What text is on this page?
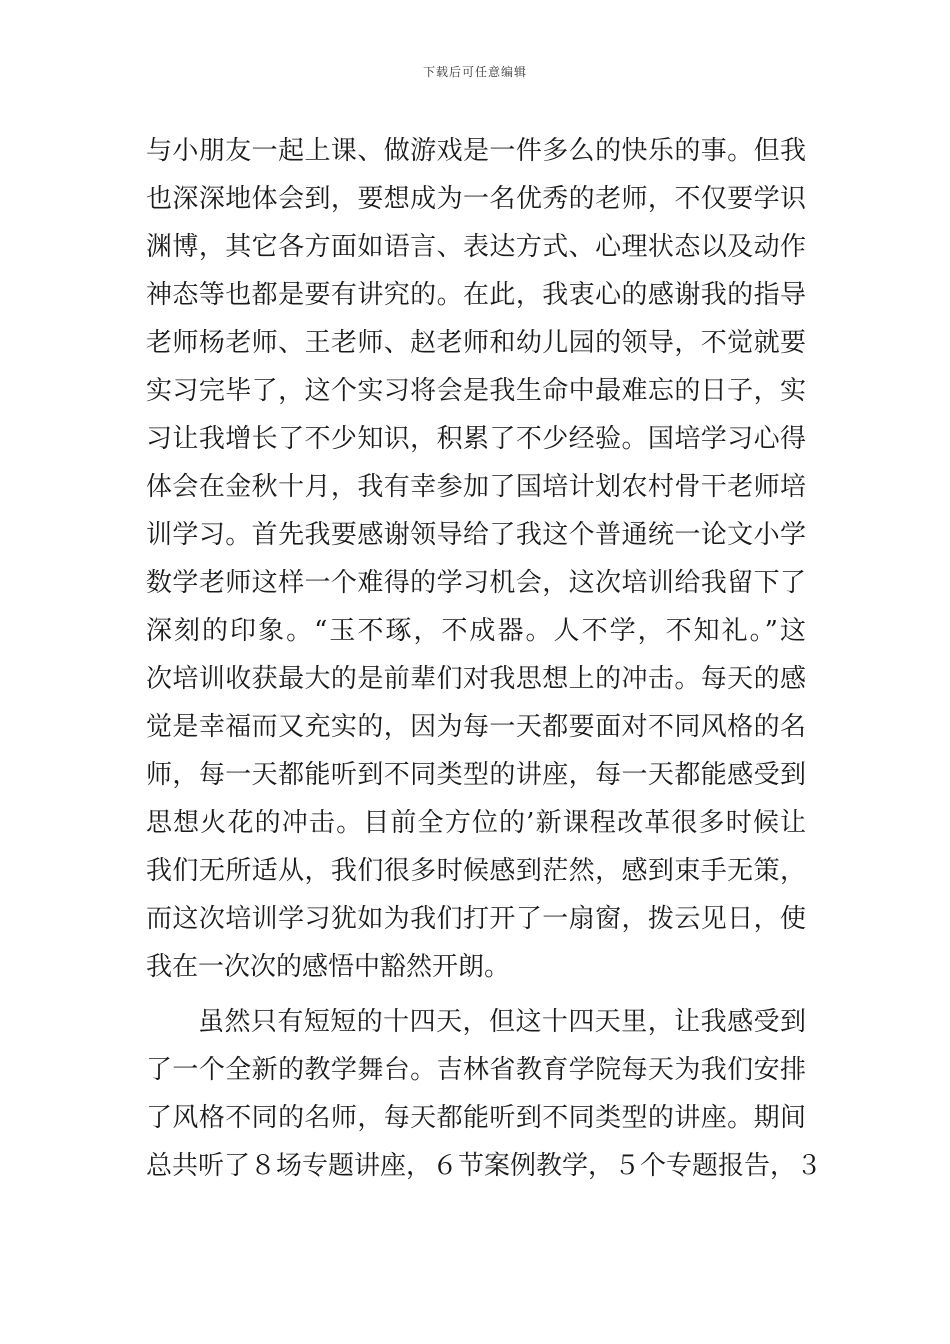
下载后可任意编辑
与小朋友一起上课、做游戏是一件多么的快乐的事。但我
也深深地体会到，要想成为一名优秀的老师，不仅要学识
渊博，其它各方面如语言、表达方式、心理状态以及动作
神态等也都是要有讲究的。在此，我衷心的感谢我的指导
老师杨老师、王老师、赵老师和幼儿园的领导，不觉就要
实习完毕了，这个实习将会是我生命中最难忘的日子，实
习让我增长了不少知识，积累了不少经验。国培学习心得
体会在金秋十月，我有幸参加了国培计划农村骨干老师培
训学习。首先我要感谢领导给了我这个普通统一论文小学
数学老师这样一个难得的学习机会，这次培训给我留下了
深刻的印象。“玉不琢，不成器。人不学，不知礼。”这
次培训收获最大的是前辈们对我思想上的冲击。每天的感
觉是幸福而又充实的，因为每一天都要面对不同风格的名
师，每一天都能听到不同类型的讲座，每一天都能感受到
思想火花的冲击。目前全方位的’新课程改革很多时候让
我们无所适从，我们很多时候感到茫然，感到束手无策，
而这次培训学习犹如为我们打开了一扇窗，拨云见日，使
我在一次次的感悟中豁然开朗。
虽然只有短短的十四天，但这十四天里，让我感受到
了一个全新的教学舞台。吉林省教育学院每天为我们安排
了风格不同的名师，每天都能听到不同类型的讲座。期间
总共听了８场专题讲座，６节案例教学，５个专题报告，３
